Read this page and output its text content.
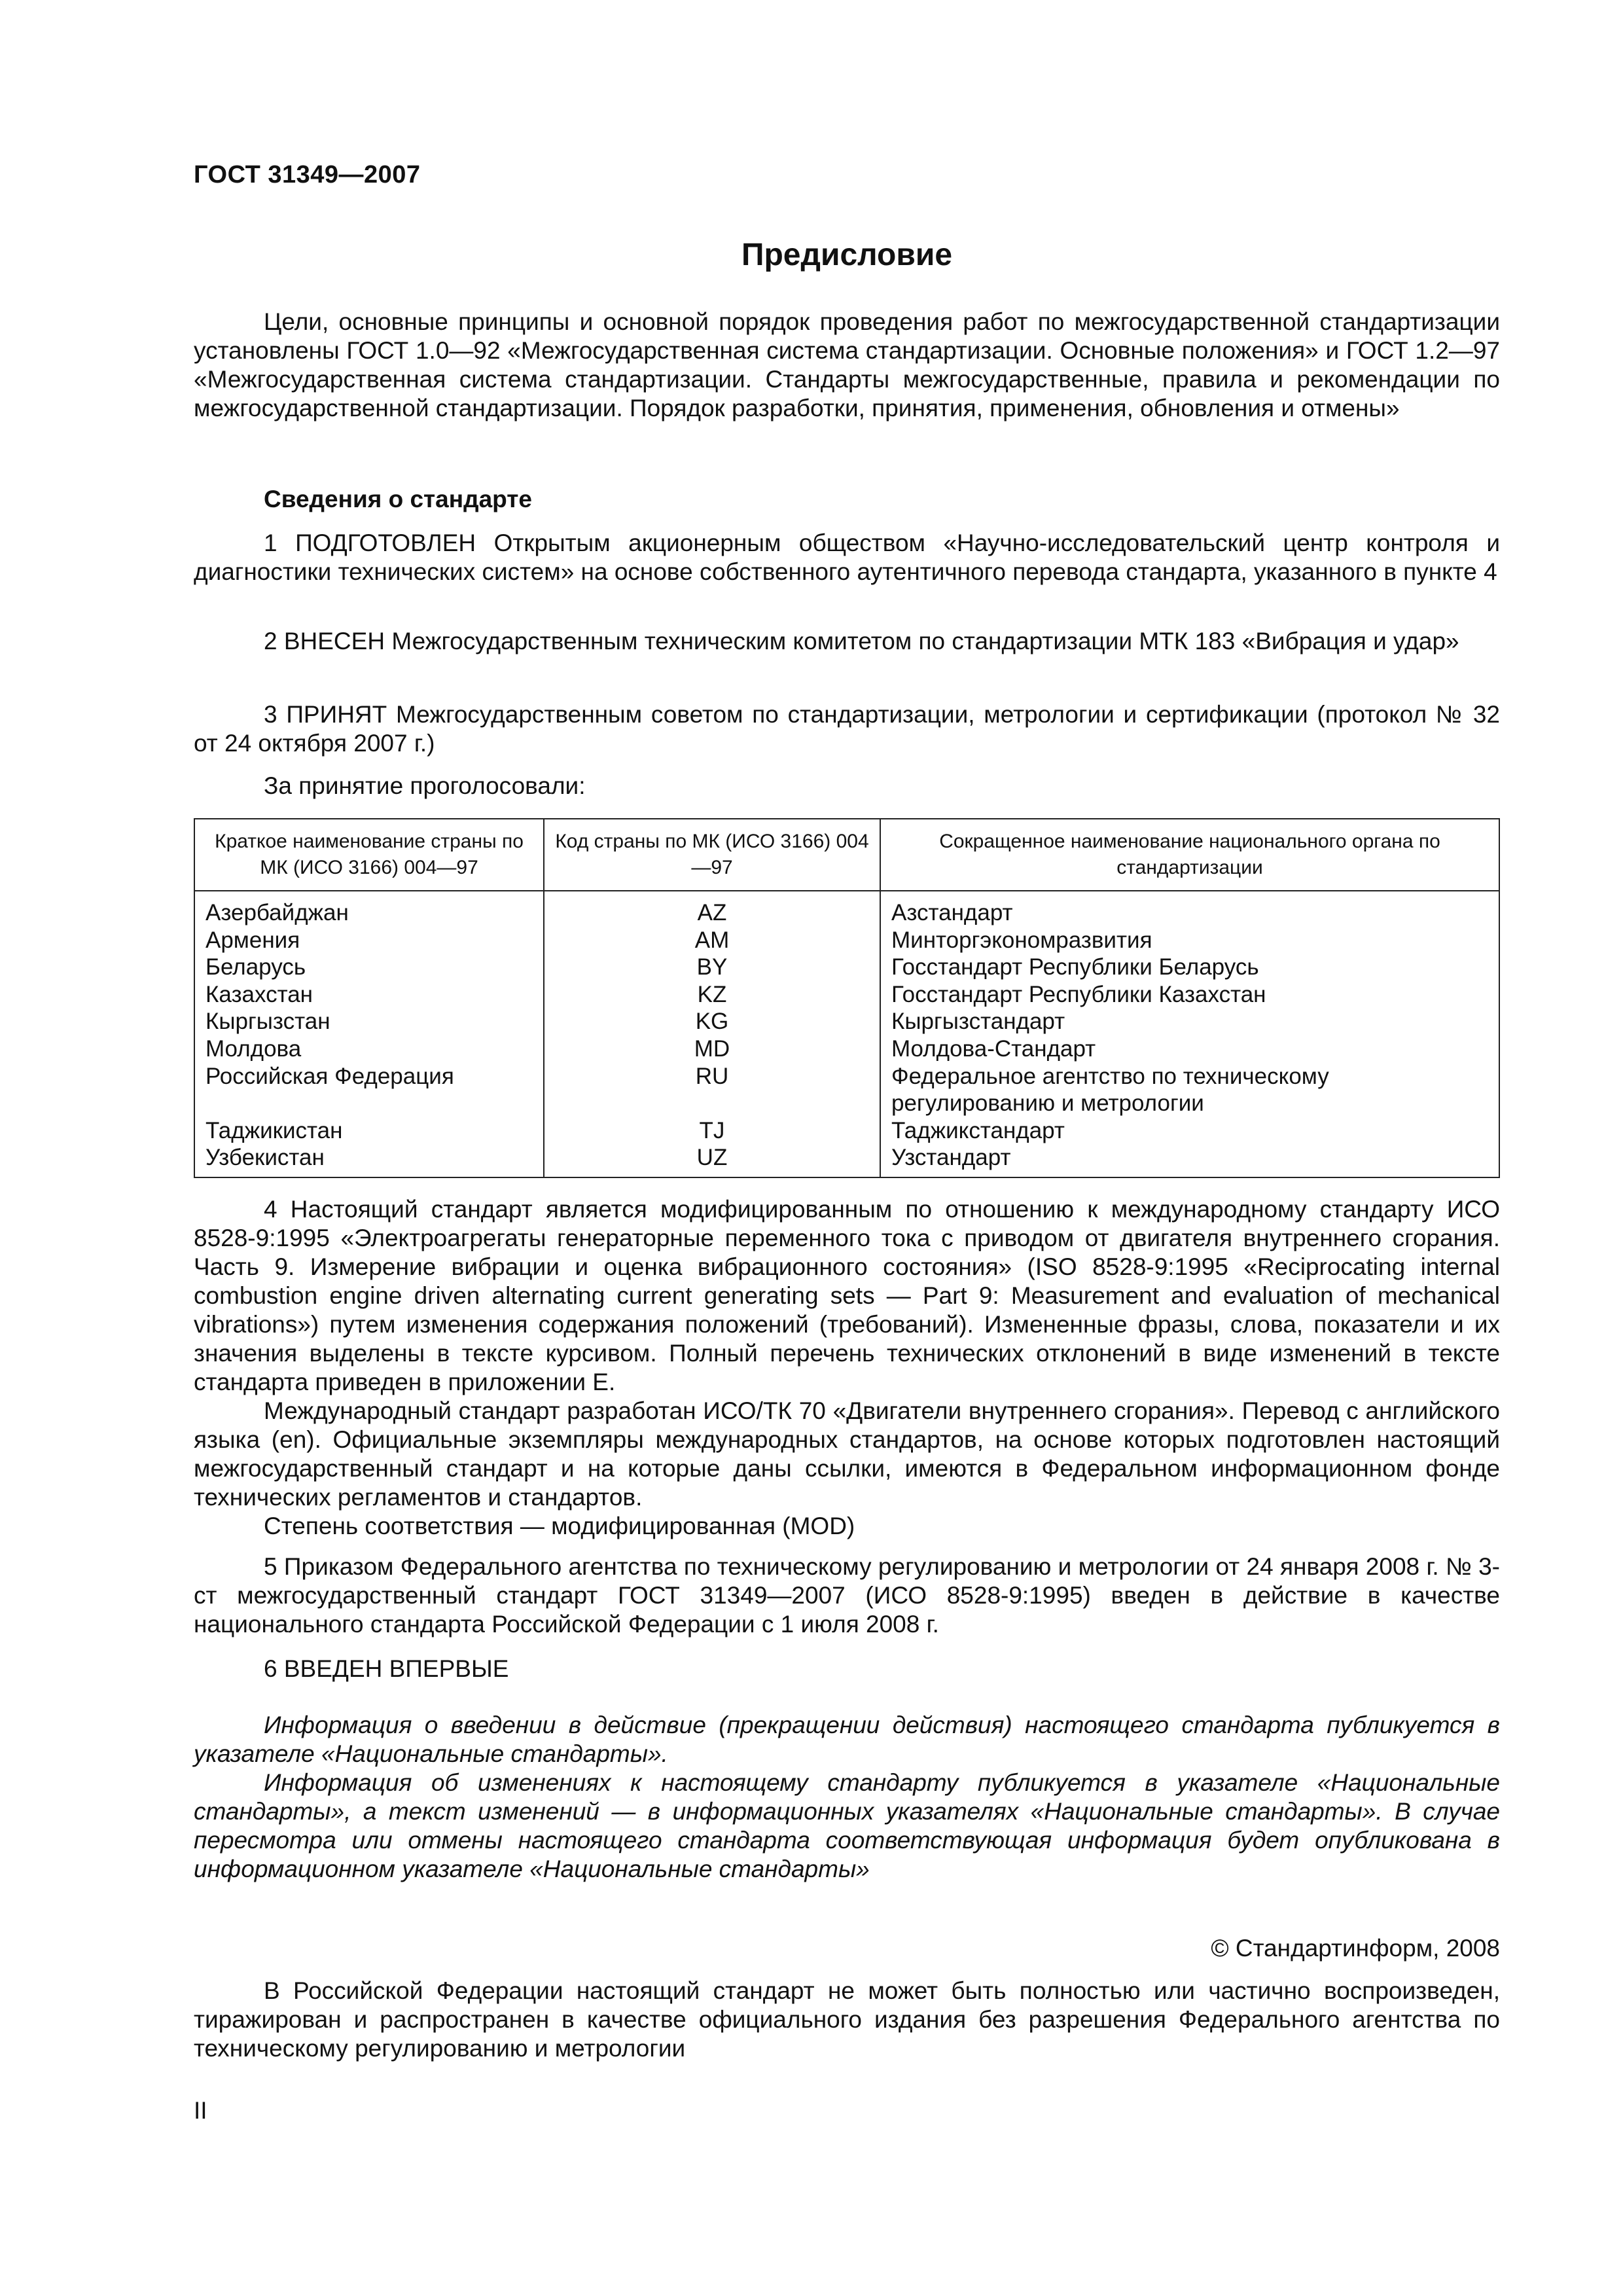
ГОСТ 31349—2007
Предисловие

Цели, основные принципы и основной порядок проведения работ по межгосударственной стандартизации установлены ГОСТ 1.0—92 «Межгосударственная система стандартизации. Основные положения» и ГОСТ 1.2—97 «Межгосударственная система стандартизации. Стандарты межгосударственные, правила и рекомендации по межгосударственной стандартизации. Порядок разработки, принятия, применения, обновления и отмены»

Сведения о стандарте

1 ПОДГОТОВЛЕН Открытым акционерным обществом «Научно-исследовательский центр контроля и диагностики технических систем» на основе собственного аутентичного перевода стандарта, указанного в пункте 4

2 ВНЕСЕН Межгосударственным техническим комитетом по стандартизации МТК 183 «Вибрация и удар»

3 ПРИНЯТ Межгосударственным советом по стандартизации, метрологии и сертификации (протокол № 32 от 24 октября 2007 г.)

За принятие проголосовали:
Краткое наименование страны по МК (ИСО 3166) 004—97	Код страны по МК (ИСО 3166) 004—97	Сокращенное наименование национального органа по стандартизации
Азербайджан	AZ	Азстандарт
Армения	AM	Минторгэкономразвития
Беларусь	BY	Госстандарт Республики Беларусь
Казахстан	KZ	Госстандарт Республики Казахстан
Кыргызстан	KG	Кыргызстандарт
Молдова	MD	Молдова-Стандарт
Российская Федерация	RU	Федеральное агентство по техническому регулированию и метрологии
Таджикистан	TJ	Таджикстандарт
Узбекистан	UZ	Узстандарт

4 Настоящий стандарт является модифицированным по отношению к международному стандарту ИСО 8528-9:1995 «Электроагрегаты генераторные переменного тока с приводом от двигателя внутреннего сгорания. Часть 9. Измерение вибрации и оценка вибрационного состояния» (ISO 8528-9:1995 «Reciprocating internal combustion engine driven alternating current generating sets — Part 9: Measurement and evaluation of mechanical vibrations») путем изменения содержания положений (требований). Измененные фразы, слова, показатели и их значения выделены в тексте курсивом. Полный перечень технических отклонений в виде изменений в тексте стандарта приведен в приложении Е.

Международный стандарт разработан ИСО/ТК 70 «Двигатели внутреннего сгорания». Перевод с английского языка (en). Официальные экземпляры международных стандартов, на основе которых подготовлен настоящий межгосударственный стандарт и на которые даны ссылки, имеются в Федеральном информационном фонде технических регламентов и стандартов.

Степень соответствия — модифицированная (MOD)

5 Приказом Федерального агентства по техническому регулированию и метрологии от 24 января 2008 г. № 3-ст межгосударственный стандарт ГОСТ 31349—2007 (ИСО 8528-9:1995) введен в действие в качестве национального стандарта Российской Федерации с 1 июля 2008 г.

6 ВВЕДЕН ВПЕРВЫЕ

Информация о введении в действие (прекращении действия) настоящего стандарта публикуется в указателе «Национальные стандарты».

Информация об изменениях к настоящему стандарту публикуется в указателе «Национальные стандарты», а текст изменений — в информационных указателях «Национальные стандарты». В случае пересмотра или отмены настоящего стандарта соответствующая информация будет опубликована в информационном указателе «Национальные стандарты»

© Стандартинформ, 2008

В Российской Федерации настоящий стандарт не может быть полностью или частично воспроизведен, тиражирован и распространен в качестве официального издания без разрешения Федерального агентства по техническому регулированию и метрологии

II
